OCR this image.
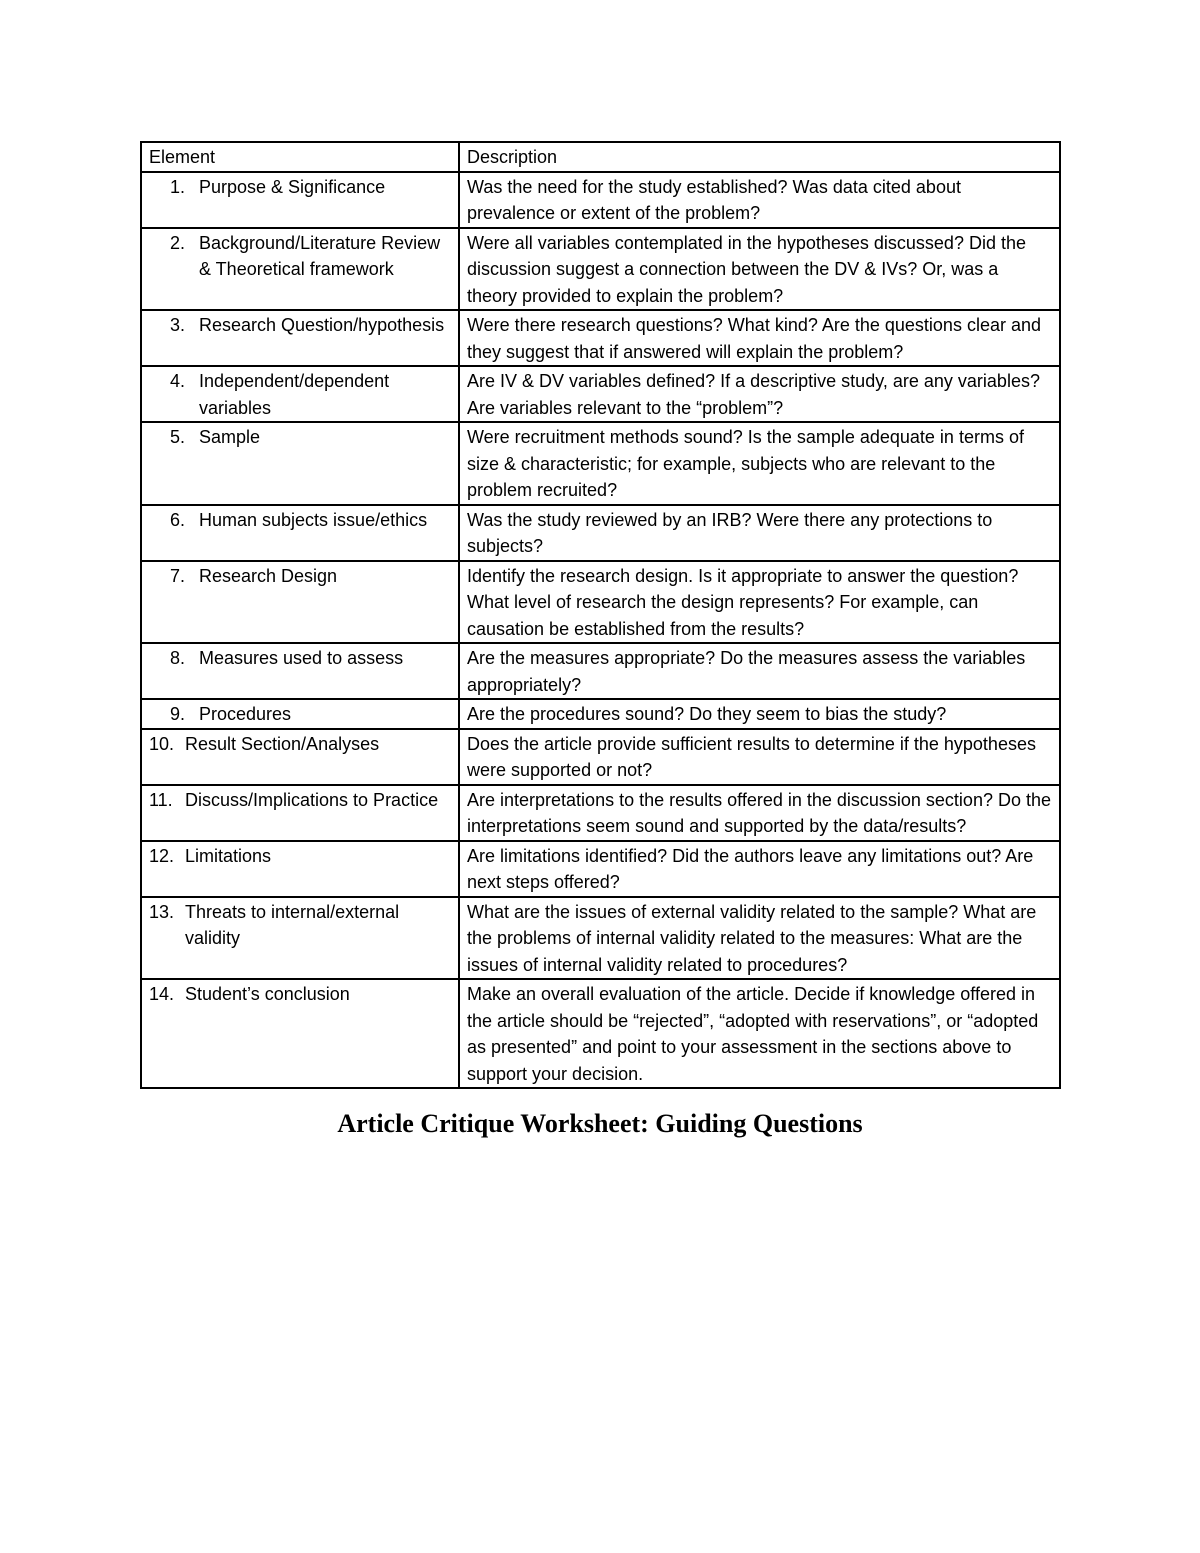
Element	Description

1. Purpose & Significance	Was the need for the study established? Was data cited about prevalence or extent of the problem?

2. Background/Literature Review & Theoretical framework	Were all variables contemplated in the hypotheses discussed? Did the discussion suggest a connection between the DV & IVs? Or, was a theory provided to explain the problem?

3. Research Question/hypothesis	Were there research questions? What kind? Are the questions clear and they suggest that if answered will explain the problem?

4. Independent/dependent variables	Are IV & DV variables defined? If a descriptive study, are any variables? Are variables relevant to the “problem”?

5. Sample	Were recruitment methods sound? Is the sample adequate in terms of size & characteristic; for example, subjects who are relevant to the problem recruited?

6. Human subjects issue/ethics	Was the study reviewed by an IRB? Were there any protections to subjects?

7. Research Design	Identify the research design. Is it appropriate to answer the question? What level of research the design represents? For example, can causation be established from the results?

8. Measures used to assess	Are the measures appropriate? Do the measures assess the variables appropriately?

9. Procedures	Are the procedures sound? Do they seem to bias the study?

10. Result Section/Analyses	Does the article provide sufficient results to determine if the hypotheses were supported or not?

11. Discuss/Implications to Practice	Are interpretations to the results offered in the discussion section? Do the interpretations seem sound and supported by the data/results?

12. Limitations	Are limitations identified? Did the authors leave any limitations out? Are next steps offered?

13. Threats to internal/external validity	What are the issues of external validity related to the sample? What are the problems of internal validity related to the measures: What are the issues of internal validity related to procedures?

14. Student’s conclusion	Make an overall evaluation of the article. Decide if knowledge offered in the article should be “rejected”, “adopted with reservations”, or “adopted as presented” and point to your assessment in the sections above to support your decision.
Article Critique Worksheet: Guiding Questions
